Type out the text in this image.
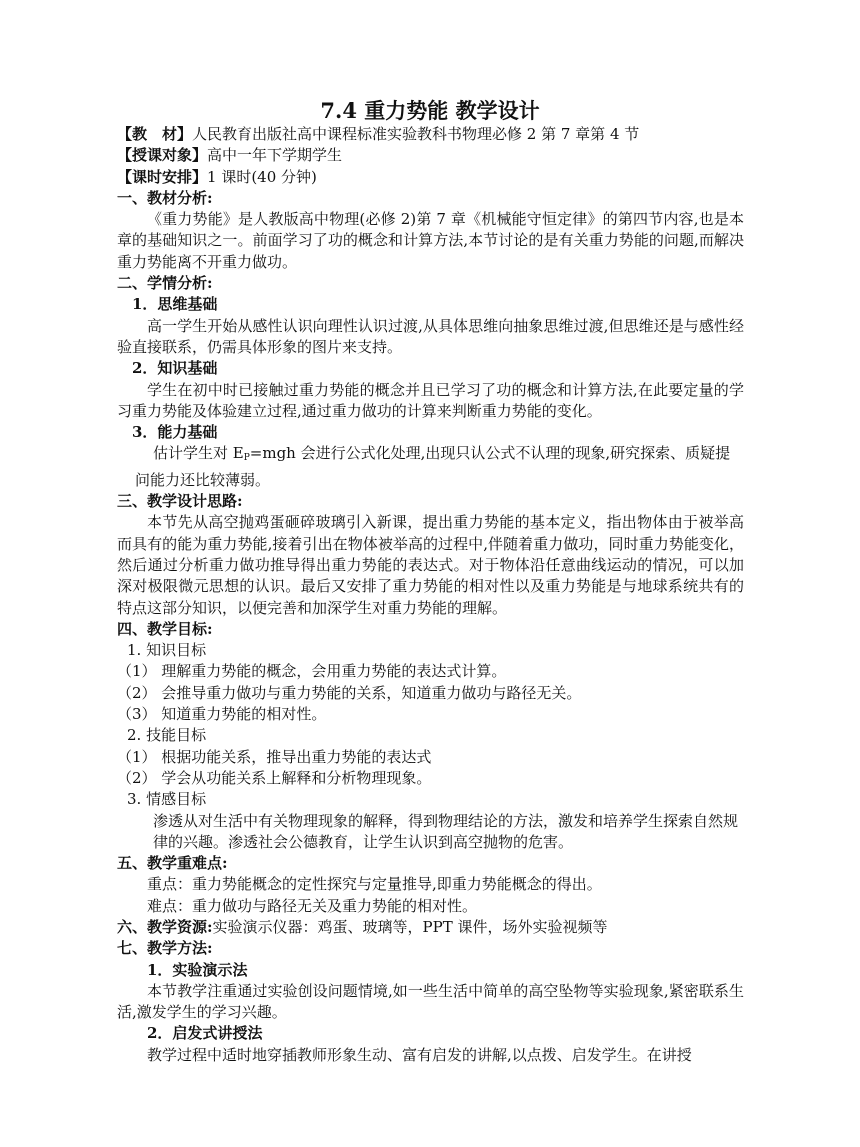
7.4 重力势能 教学设计
【教　材】人民教育出版社高中课程标准实验教科书物理必修 2 第 7 章第 4 节
【授课对象】高中一年下学期学生
【课时安排】1 课时(40 分钟)
一、教材分析:
《重力势能》是人教版高中物理(必修 2)第 7 章《机械能守恒定律》的第四节内容,也是本章的基础知识之一。前面学习了功的概念和计算方法,本节讨论的是有关重力势能的问题,而解决重力势能离不开重力做功。
二、学情分析:
1．思维基础
高一学生开始从感性认识向理性认识过渡,从具体思维向抽象思维过渡,但思维还是与感性经验直接联系，仍需具体形象的图片来支持。
2．知识基础
学生在初中时已接触过重力势能的概念并且已学习了功的概念和计算方法,在此要定量的学习重力势能及体验建立过程,通过重力做功的计算来判断重力势能的变化。
3．能力基础
估计学生对 $E_P=mgh$ 会进行公式化处理,出现只认公式不认理的现象,研究探索、质疑提问能力还比较薄弱。
三、教学设计思路:
本节先从高空抛鸡蛋砸碎玻璃引入新课，提出重力势能的基本定义，指出物体由于被举高而具有的能为重力势能,接着引出在物体被举高的过程中,伴随着重力做功，同时重力势能变化，然后通过分析重力做功推导得出重力势能的表达式。对于物体沿任意曲线运动的情况，可以加深对极限微元思想的认识。最后又安排了重力势能的相对性以及重力势能是与地球系统共有的特点这部分知识，以便完善和加深学生对重力势能的理解。
四、教学目标:
1. 知识目标
（1） 理解重力势能的概念，会用重力势能的表达式计算。
（2） 会推导重力做功与重力势能的关系，知道重力做功与路径无关。
（3） 知道重力势能的相对性。
2. 技能目标
（1） 根据功能关系，推导出重力势能的表达式
（2） 学会从功能关系上解释和分析物理现象。
3. 情感目标
渗透从对生活中有关物理现象的解释，得到物理结论的方法，激发和培养学生探索自然规律的兴趣。渗透社会公德教育，让学生认识到高空抛物的危害。
五、教学重难点:
重点：重力势能概念的定性探究与定量推导,即重力势能概念的得出。
难点：重力做功与路径无关及重力势能的相对性。
六、教学资源:实验演示仪器：鸡蛋、玻璃等，PPT 课件，场外实验视频等
七、教学方法:
1．实验演示法
本节教学注重通过实验创设问题情境,如一些生活中简单的高空坠物等实验现象,紧密联系生活,激发学生的学习兴趣。
2．启发式讲授法
教学过程中适时地穿插教师形象生动、富有启发的讲解,以点拨、启发学生。在讲授
